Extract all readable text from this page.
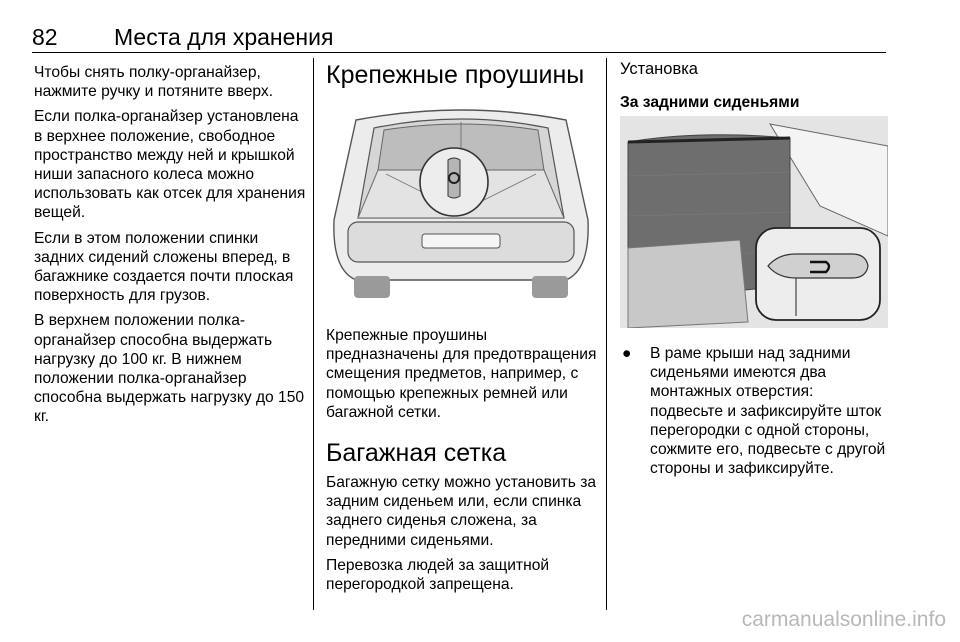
82 Места для хранения

Чтобы снять полку-органайзер, нажмите ручку и потяните вверх.

Если полка-органайзер установлена в верхнее положение, свободное пространство между ней и крышкой ниши запасного колеса можно использовать как отсек для хранения вещей.

Если в этом положении спинки задних сидений сложены вперед, в багажнике создается почти плоская поверхность для грузов.

В верхнем положении полка-органайзер способна выдержать нагрузку до 100 кг. В нижнем положении полка-органайзер способна выдержать нагрузку до 150 кг.

Крепежные проушины

Крепежные проушины предназначены для предотвращения смещения предметов, например, с помощью крепежных ремней или багажной сетки.

Багажная сетка

Багажную сетку можно установить за задним сиденьем или, если спинка заднего сиденья сложена, за передними сиденьями.

Перевозка людей за защитной перегородкой запрещена.

Установка
За задними сиденьями
● В раме крыши над задними сиденьями имеются два монтажных отверстия: подвесьте и зафиксируйте шток перегородки с одной стороны, сожмите его, подвесьте с другой стороны и зафиксируйте.
carmanualsonline.info
